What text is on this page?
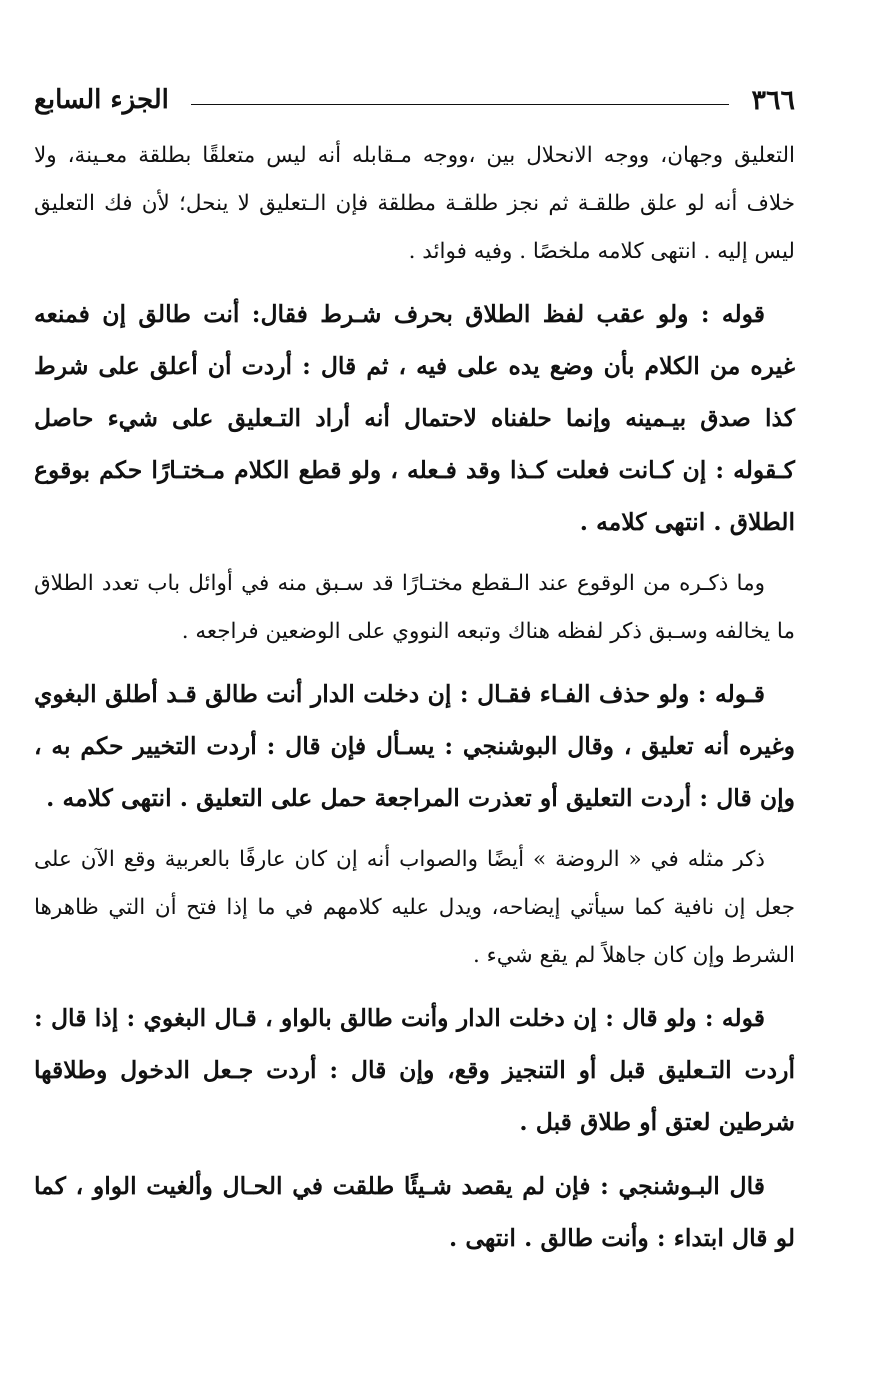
٣٦٦
الجزء السابع

التعليق وجهان، ووجه الانحلال بين ،ووجه مـقابله أنه ليس متعلقًا بطلقة معـينة، ولا خلاف أنه لو علق طلقـة ثم نجز طلقـة مطلقة فإن الـتعليق لا ينحل؛ لأن فك التعليق ليس إليه . انتهى كلامه ملخصًا . وفيه فوائد .

قوله : ولو عقب لفظ الطلاق بحرف شـرط فقال: أنت طالق إن فمنعه غيره من الكلام بأن وضع يده على فيه ، ثم قال : أردت أن أعلق على شرط كذا صدق بيـمينه وإنما حلفناه لاحتمال أنه أراد التـعليق على شيء حاصل كـقوله : إن كـانت فعلت كـذا وقد فـعله ، ولو قطع الكلام مـختـارًا حكم بوقوع الطلاق . انتهى كلامه .

وما ذكـره من الوقوع عند الـقطع مختـارًا قد سـبق منه في أوائل باب تعدد الطلاق ما يخالفه وسـبق ذكر لفظه هناك وتبعه النووي على الوضعين فراجعه .

قـوله : ولو حذف الفـاء فقـال : إن دخلت الدار أنت طالق قـد أطلق البغوي وغيره أنه تعليق ، وقال البوشنجي : يسـأل فإن قال : أردت التخيير حكم به ، وإن قال : أردت التعليق أو تعذرت المراجعة حمل على التعليق . انتهى كلامه .

ذكر مثله في « الروضة » أيضًا والصواب أنه إن كان عارفًا بالعربية وقع الآن على جعل إن نافية كما سيأتي إيضاحه، ويدل عليه كلامهم في ما إذا فتح أن التي ظاهرها الشرط وإن كان جاهلاً لم يقع شيء .

قوله : ولو قال : إن دخلت الدار وأنت طالق بالواو ، قـال البغوي : إذا قال : أردت التـعليق قبل أو التنجيز وقع، وإن قال : أردت جـعل الدخول وطلاقها شرطين لعتق أو طلاق قبل .

قال البـوشنجي : فإن لم يقصد شـيئًا طلقت في الحـال وألغيت الواو ، كما لو قال ابتداء : وأنت طالق . انتهى .
